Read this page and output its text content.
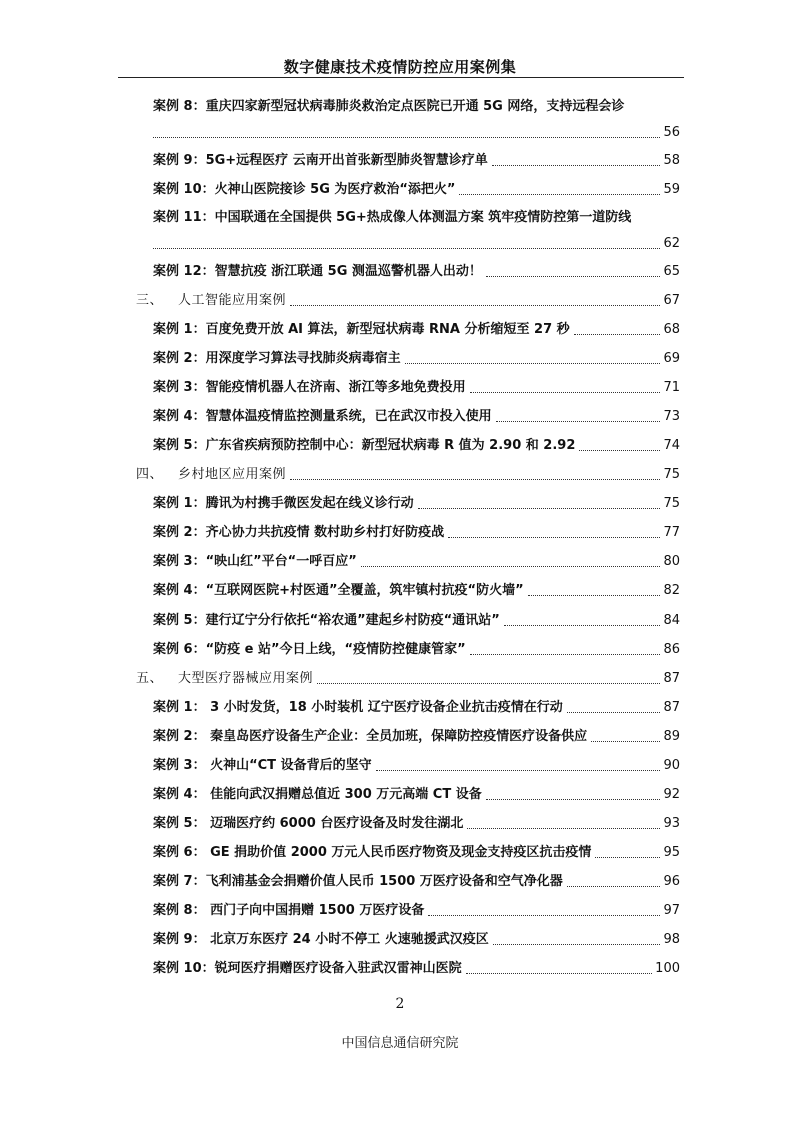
数字健康技术疫情防控应用案例集
案例 8：重庆四家新型冠状病毒肺炎救治定点医院已开通 5G 网络，支持远程会诊
56
案例 9：5G+远程医疗 云南开出首张新型肺炎智慧诊疗单	58
案例 10：火神山医院接诊 5G 为医疗救治“添把火”	59
案例 11：中国联通在全国提供 5G+热成像人体测温方案 筑牢疫情防控第一道防线
62
案例 12：智慧抗疫 浙江联通 5G 测温巡警机器人出动！	65
三、 人工智能应用案例	67
案例 1：百度免费开放 AI 算法，新型冠状病毒 RNA 分析缩短至 27 秒	68
案例 2：用深度学习算法寻找肺炎病毒宿主	69
案例 3：智能疫情机器人在济南、浙江等多地免费投用	71
案例 4：智慧体温疫情监控测量系统，已在武汉市投入使用	73
案例 5：广东省疾病预防控制中心：新型冠状病毒 R 值为 2.90 和 2.92	74
四、 乡村地区应用案例	75
案例 1：腾讯为村携手微医发起在线义诊行动	75
案例 2：齐心协力共抗疫情 数村助乡村打好防疫战	77
案例 3：“映山红”平台“一呼百应”	80
案例 4：“互联网医院+村医通”全覆盖，筑牢镇村抗疫“防火墙”	82
案例 5：建行辽宁分行依托“裕农通”建起乡村防疫“通讯站”	84
案例 6：“防疫 e 站”今日上线，“疫情防控健康管家”	86
五、 大型医疗器械应用案例	87
案例 1： 3 小时发货，18 小时装机 辽宁医疗设备企业抗击疫情在行动	87
案例 2： 秦皇岛医疗设备生产企业：全员加班，保障防控疫情医疗设备供应	89
案例 3： 火神山“CT 设备背后的坚守	90
案例 4： 佳能向武汉捐赠总值近 300 万元高端 CT 设备	92
案例 5： 迈瑞医疗约 6000 台医疗设备及时发往湖北	93
案例 6： GE 捐助价值 2000 万元人民币医疗物资及现金支持疫区抗击疫情	95
案例 7：飞利浦基金会捐赠价值人民币 1500 万医疗设备和空气净化器	96
案例 8： 西门子向中国捐赠 1500 万医疗设备	97
案例 9： 北京万东医疗 24 小时不停工 火速驰援武汉疫区	98
案例 10：锐珂医疗捐赠医疗设备入驻武汉雷神山医院	100
2
中国信息通信研究院
